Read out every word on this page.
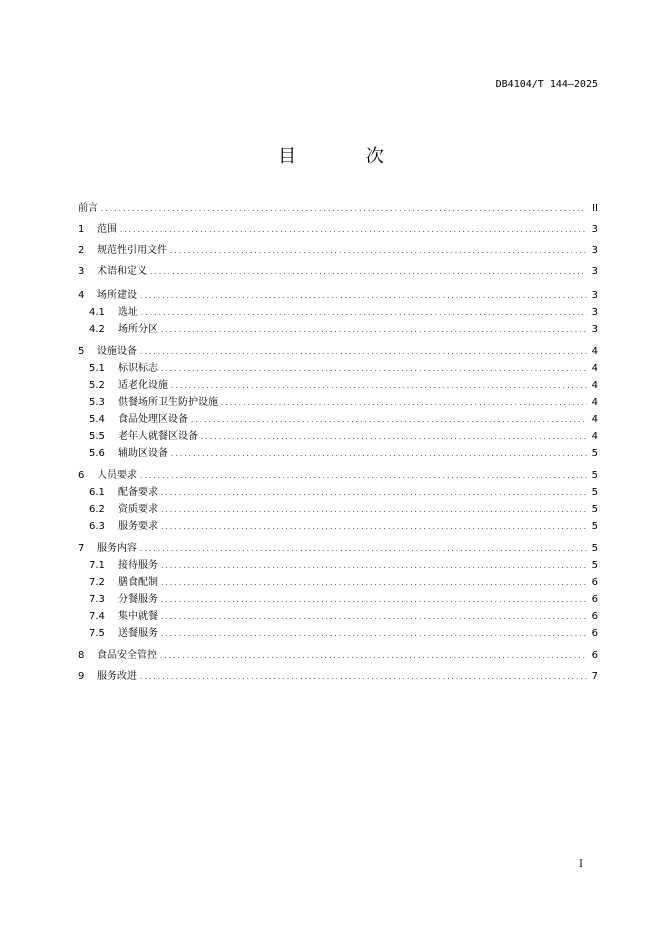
DB4104/T 144—2025
目 次
前言 . . .	II
1	范围 . . .	3
2	规范性引用文件 . . .	3
3	术语和定义 . . .	3
4	场所建设 . . .	3
4.1	选址 . . .	3
4.2	场所分区 . . .	3
5	设施设备 . . .	4
5.1	标识标志 . . .	4
5.2	适老化设施 . . .	4
5.3	供餐场所卫生防护设施 . . .	4
5.4	食品处理区设备 . . .	4
5.5	老年人就餐区设备 . . .	4
5.6	辅助区设备 . . .	5
6	人员要求 . . .	5
6.1	配备要求 . . .	5
6.2	资质要求 . . .	5
6.3	服务要求 . . .	5
7	服务内容 . . .	5
7.1	接待服务 . . .	5
7.2	膳食配制 . . .	6
7.3	分餐服务 . . .	6
7.4	集中就餐 . . .	6
7.5	送餐服务 . . .	6
8	食品安全管控 . . .	6
9	服务改进 . . .	7
I
